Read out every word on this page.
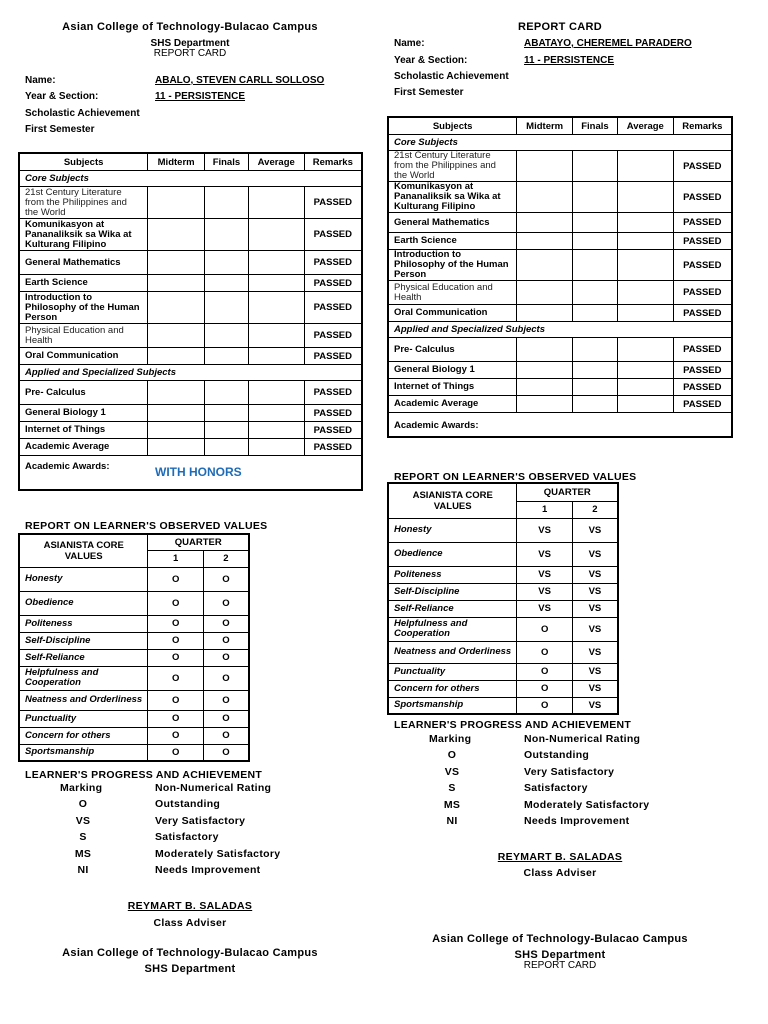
Asian College of Technology-Bulacao Campus
SHS Department
REPORT CARD
Name:	ABALO, STEVEN CARLL SOLLOSO
Year & Section:	11 - PERSISTENCE
Scholastic Achievement
First Semester
Subjects	Midterm	Finals	Average	Remarks
Core Subjects				
21st Century Literature from the Philippines and the World				PASSED
Komunikasyon at Pananaliksik sa Wika at Kulturang Filipino				PASSED
General Mathematics				PASSED
Earth Science				PASSED
Introduction to Philosophy of the Human Person				PASSED
Physical Education and Health				PASSED
Oral Communication				PASSED
Applied and Specialized Subjects				
Pre- Calculus				PASSED
General Biology 1				PASSED
Internet of Things				PASSED
Academic Average				PASSED
Academic Awards: WITH HONORS				
REPORT ON LEARNER'S OBSERVED VALUES
ASIANISTA CORE VALUES	QUARTER	
	1	2
Honesty	O	O
Obedience	O	O
Politeness	O	O
Self-Discipline	O	O
Self-Reliance	O	O
Helpfulness and Cooperation	O	O
Neatness and Orderliness	O	O
Punctuality	O	O
Concern for others	O	O
Sportsmanship	O	O
LEARNER'S PROGRESS AND ACHIEVEMENT
Marking	Non-Numerical Rating
O	Outstanding
VS	Very Satisfactory
S	Satisfactory
MS	Moderately Satisfactory
NI	Needs Improvement
REYMART B. SALADAS
Class Adviser
Asian College of Technology-Bulacao Campus
SHS Department
REPORT CARD
Name:	ABATAYO, CHEREMEL PARADERO
Year & Section:	11 - PERSISTENCE
Scholastic Achievement
First Semester
Subjects	Midterm	Finals	Average	Remarks
Core Subjects				
21st Century Literature from the Philippines and the World				PASSED
Komunikasyon at Pananaliksik sa Wika at Kulturang Filipino				PASSED
General Mathematics				PASSED
Earth Science				PASSED
Introduction to Philosophy of the Human Person				PASSED
Physical Education and Health				PASSED
Oral Communication				PASSED
Applied and Specialized Subjects				
Pre- Calculus				PASSED
General Biology 1				PASSED
Internet of Things				PASSED
Academic Average				PASSED
Academic Awards:				
REPORT ON LEARNER'S OBSERVED VALUES
ASIANISTA CORE VALUES	QUARTER	
	1	2
Honesty	VS	VS
Obedience	VS	VS
Politeness	VS	VS
Self-Discipline	VS	VS
Self-Reliance	VS	VS
Helpfulness and Cooperation	O	VS
Neatness and Orderliness	O	VS
Punctuality	O	VS
Concern for others	O	VS
Sportsmanship	O	VS
LEARNER'S PROGRESS AND ACHIEVEMENT
Marking	Non-Numerical Rating
O	Outstanding
VS	Very Satisfactory
S	Satisfactory
MS	Moderately Satisfactory
NI	Needs Improvement
REYMART B. SALADAS
Class Adviser
Asian College of Technology-Bulacao Campus
SHS Department
REPORT CARD
